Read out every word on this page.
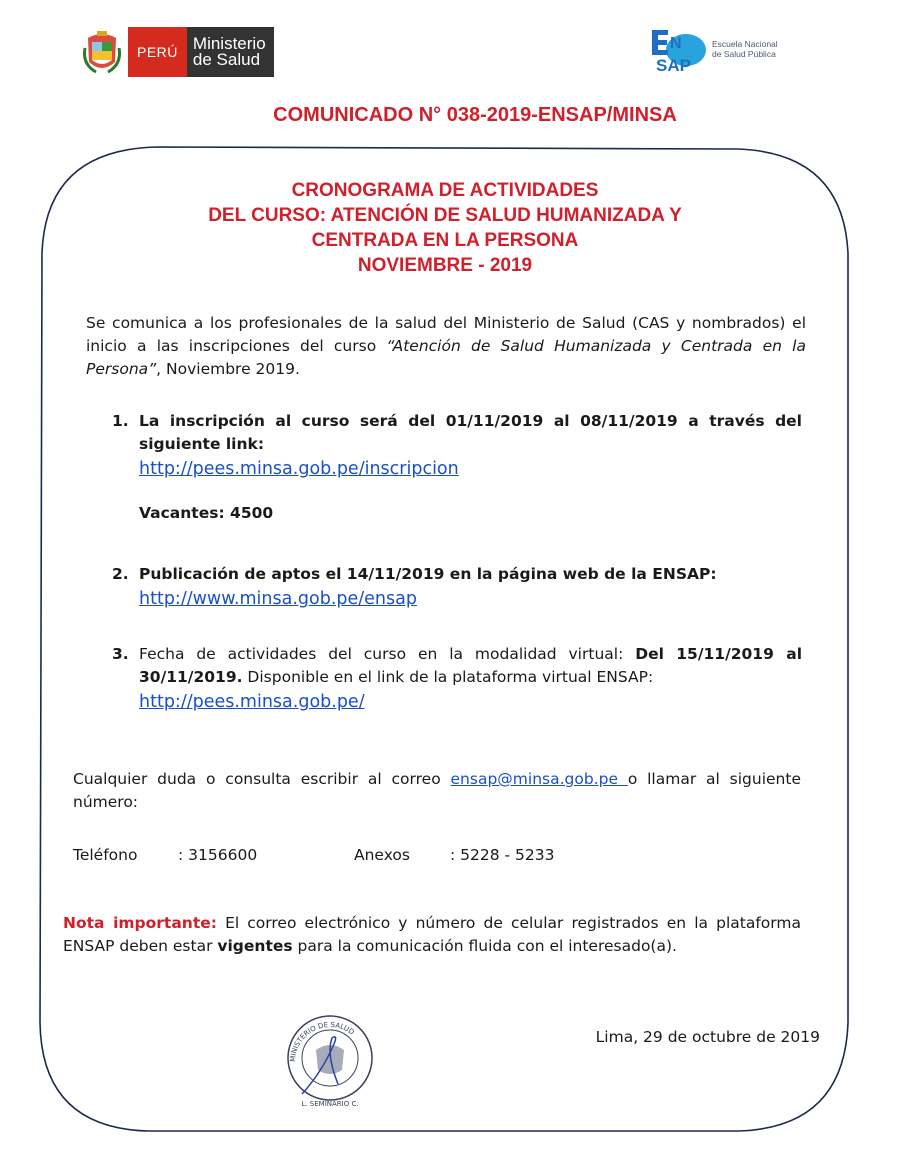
PERÚ Ministerio
de Salud
N
SAP
Escuela Nacional
de Salud Pública
COMUNICADO N° 038-2019-ENSAP/MINSA
CRONOGRAMA DE ACTIVIDADES
DEL CURSO: ATENCIÓN DE SALUD HUMANIZADA Y
CENTRADA EN LA PERSONA
NOVIEMBRE - 2019
Se comunica a los profesionales de la salud del Ministerio de Salud (CAS y nombrados) el inicio a las inscripciones del curso “Atención de Salud Humanizada y Centrada en la Persona”, Noviembre 2019.
1. La inscripción al curso será del 01/11/2019 al 08/11/2019 a través del siguiente link:
http://pees.minsa.gob.pe/inscripcion
Vacantes: 4500
2. Publicación de aptos el 14/11/2019 en la página web de la ENSAP:
http://www.minsa.gob.pe/ensap
3. Fecha de actividades del curso en la modalidad virtual: Del 15/11/2019 al 30/11/2019. Disponible en el link de la plataforma virtual ENSAP:
http://pees.minsa.gob.pe/
Cualquier duda o consulta escribir al correo ensap@minsa.gob.pe o llamar al siguiente número:
Teléfono	: 3156600	Anexos	: 5228 - 5233
Nota importante: El correo electrónico y número de celular registrados en la plataforma ENSAP deben estar vigentes para la comunicación fluida con el interesado(a).
MINISTERIO DE SALUD
L. SEMINARIO C.
Lima, 29 de octubre de 2019
